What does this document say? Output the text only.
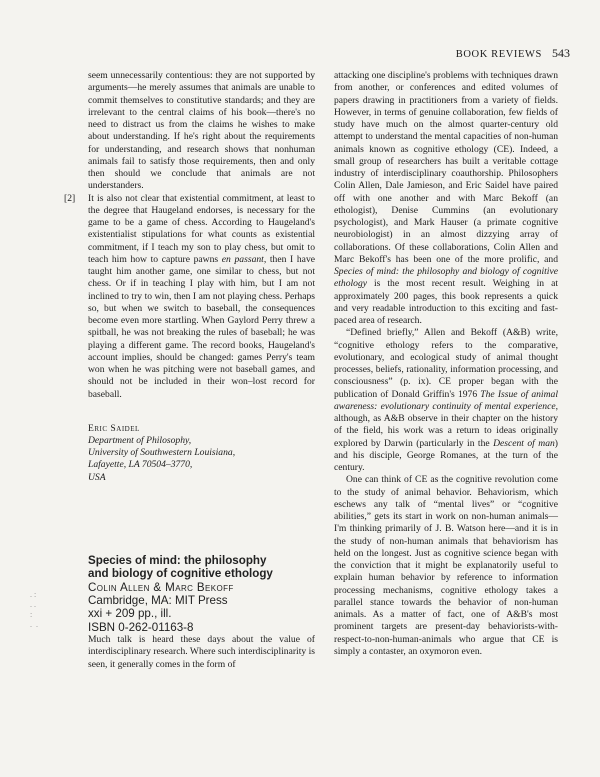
BOOK REVIEWS 543

seem unnecessarily contentious: they are not supported by arguments—he merely assumes that animals are unable to commit themselves to constitutive standards; and they are irrelevant to the central claims of his book—there's no need to distract us from the claims he wishes to make about understanding. If he's right about the requirements for understanding, and research shows that nonhuman animals fail to satisfy those requirements, then and only then should we conclude that animals are not understanders.

[2] It is also not clear that existential commitment, at least to the degree that Haugeland endorses, is necessary for the game to be a game of chess. According to Haugeland's existentialist stipulations for what counts as existential commitment, if I teach my son to play chess, but omit to teach him how to capture pawns en passant, then I have taught him another game, one similar to chess, but not chess. Or if in teaching I play with him, but I am not inclined to try to win, then I am not playing chess. Perhaps so, but when we switch to baseball, the consequences become even more startling. When Gaylord Perry threw a spitball, he was not breaking the rules of baseball; he was playing a different game. The record books, Haugeland's account implies, should be changed: games Perry's team won when he was pitching were not baseball games, and should not be included in their won–lost record for baseball.

Eric Saidel
Department of Philosophy,
University of Southwestern Louisiana,
Lafayette, LA 70504–3770,
USA
Species of mind: the philosophy
and biology of cognitive ethology
Colin Allen & Marc Bekoff
Cambridge, MA: MIT Press
xxi + 209 pp., ill.
ISBN 0-262-01163-8

Much talk is heard these days about the value of interdisciplinary research. Where such interdisciplinarity is seen, it generally comes in the form of

attacking one discipline's problems with techniques drawn from another, or conferences and edited volumes of papers drawing in practitioners from a variety of fields. However, in terms of genuine collaboration, few fields of study have much on the almost quarter-century old attempt to understand the mental capacities of non-human animals known as cognitive ethology (CE). Indeed, a small group of researchers has built a veritable cottage industry of interdisciplinary coauthorship. Philosophers Colin Allen, Dale Jamieson, and Eric Saidel have paired off with one another and with Marc Bekoff (an ethologist), Denise Cummins (an evolutionary psychologist), and Mark Hauser (a primate cognitive neurobiologist) in an almost dizzying array of collaborations. Of these collaborations, Colin Allen and Marc Bekoff's has been one of the more prolific, and Species of mind: the philosophy and biology of cognitive ethology is the most recent result. Weighing in at approximately 200 pages, this book represents a quick and very readable introduction to this exciting and fast-paced area of research.

“Defined briefly,” Allen and Bekoff (A&B) write, “cognitive ethology refers to the comparative, evolutionary, and ecological study of animal thought processes, beliefs, rationality, information processing, and consciousness” (p. ix). CE proper began with the publication of Donald Griffin's 1976 The Issue of animal awareness: evolutionary continuity of mental experience, although, as A&B observe in their chapter on the history of the field, his work was a return to ideas originally explored by Darwin (particularly in the Descent of man) and his disciple, George Romanes, at the turn of the century.

One can think of CE as the cognitive revolution come to the study of animal behavior. Behaviorism, which eschews any talk of “mental lives” or “cognitive abilities,” gets its start in work on non-human animals—I'm thinking primarily of J. B. Watson here—and it is in the study of non-human animals that behaviorism has held on the longest. Just as cognitive science began with the conviction that it might be explanatorily useful to explain human behavior by reference to information processing mechanisms, cognitive ethology takes a parallel stance towards the behavior of non-human animals. As a matter of fact, one of A&B's most prominent targets are present-day behaviorists-with-respect-to-non-human-animals who argue that CE is simply a contaster, an oxymoron even.

. :
. .
:
.  .
